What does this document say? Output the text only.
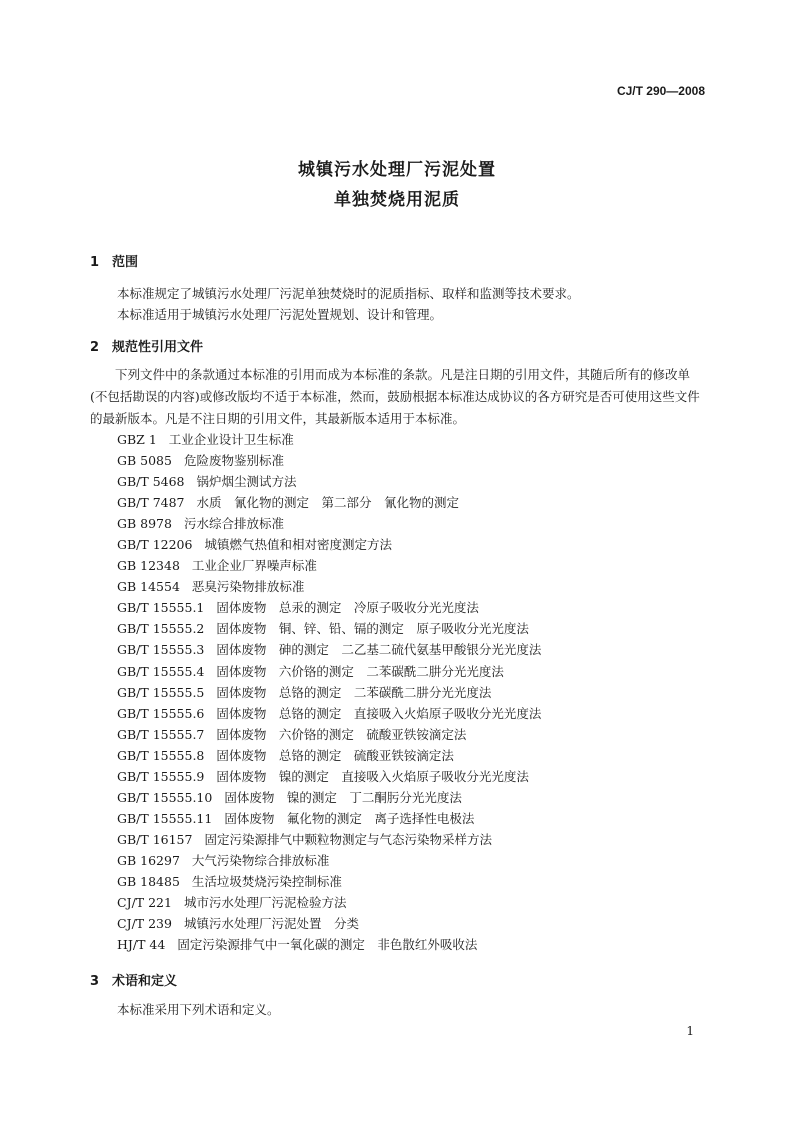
CJ/T 290—2008
城镇污水处理厂污泥处置
单独焚烧用泥质
1 范围
本标准规定了城镇污水处理厂污泥单独焚烧时的泥质指标、取样和监测等技术要求。
本标准适用于城镇污水处理厂污泥处置规划、设计和管理。
2 规范性引用文件
下列文件中的条款通过本标准的引用而成为本标准的条款。凡是注日期的引用文件，其随后所有的修改单(不包括勘误的内容)或修改版均不适于本标准，然而，鼓励根据本标准达成协议的各方研究是否可使用这些文件的最新版本。凡是不注日期的引用文件，其最新版本适用于本标准。
GBZ 1 工业企业设计卫生标准
GB 5085 危险废物鉴别标准
GB/T 5468 锅炉烟尘测试方法
GB/T 7487 水质　氰化物的测定　第二部分　氰化物的测定
GB 8978 污水综合排放标准
GB/T 12206 城镇燃气热值和相对密度测定方法
GB 12348 工业企业厂界噪声标准
GB 14554 恶臭污染物排放标准
GB/T 15555.1 固体废物　总汞的测定　冷原子吸收分光光度法
GB/T 15555.2 固体废物　铜、锌、铅、镉的测定　原子吸收分光光度法
GB/T 15555.3 固体废物　砷的测定　二乙基二硫代氨基甲酸银分光光度法
GB/T 15555.4 固体废物　六价铬的测定　二苯碳酰二肼分光光度法
GB/T 15555.5 固体废物　总铬的测定　二苯碳酰二肼分光光度法
GB/T 15555.6 固体废物　总铬的测定　直接吸入火焰原子吸收分光光度法
GB/T 15555.7 固体废物　六价铬的测定　硫酸亚铁铵滴定法
GB/T 15555.8 固体废物　总铬的测定　硫酸亚铁铵滴定法
GB/T 15555.9 固体废物　镍的测定　直接吸入火焰原子吸收分光光度法
GB/T 15555.10 固体废物　镍的测定　丁二酮肟分光光度法
GB/T 15555.11 固体废物　氟化物的测定　离子选择性电极法
GB/T 16157 固定污染源排气中颗粒物测定与气态污染物采样方法
GB 16297 大气污染物综合排放标准
GB 18485 生活垃圾焚烧污染控制标准
CJ/T 221 城市污水处理厂污泥检验方法
CJ/T 239 城镇污水处理厂污泥处置　分类
HJ/T 44 固定污染源排气中一氧化碳的测定　非色散红外吸收法
3 术语和定义
本标准采用下列术语和定义。
1
